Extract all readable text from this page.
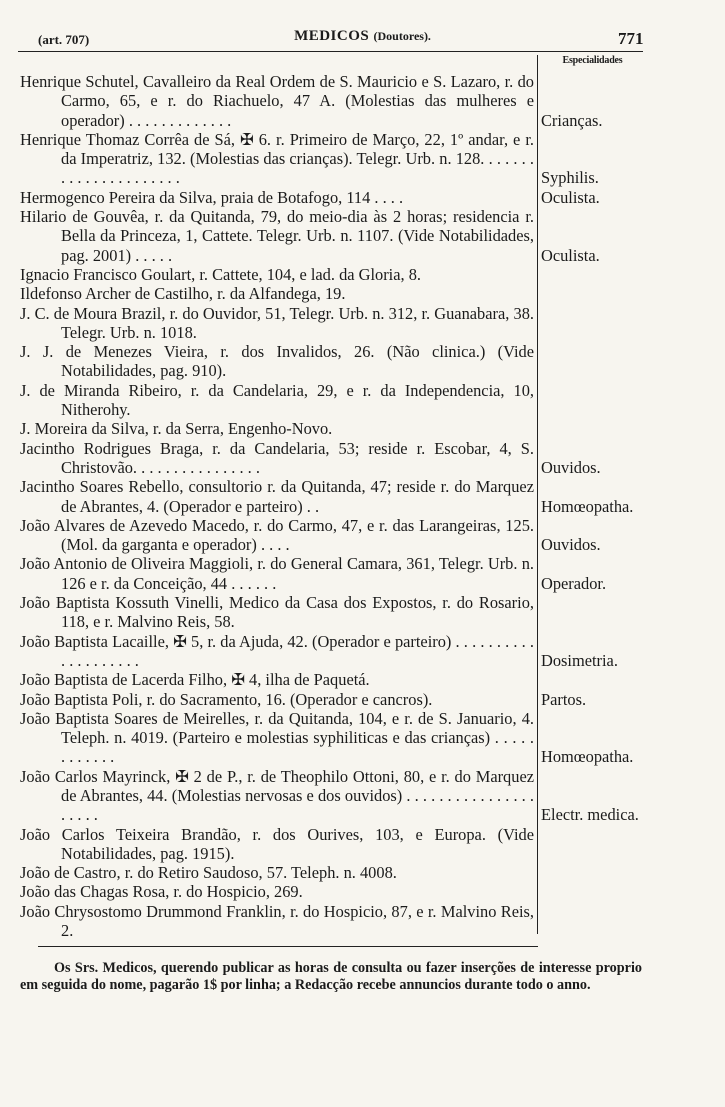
(art. 707)	MEDICOS (Doutores).	771
Especialidades
Henrique Schutel, Cavalleiro da Real Ordem de S. Mauricio e S. Lazaro, r. do Carmo, 65, e r. do Riachuelo, 47 A. (Molestias das mulheres e operador) . . . . . . . . . . . . .	Crianças.
Henrique Thomaz Corrêa de Sá, ✠ 6. r. Primeiro de Março, 22, 1º andar, e r. da Imperatriz, 132. (Molestias das crianças). Telegr. Urb. n. 128. . . . . . . . . . . . . . . . . . . . . .	Syphilis.
Hermogenco Pereira da Silva, praia de Botafogo, 114 . . . .	Oculista.
Hilario de Gouvêa, r. da Quitanda, 79, do meio-dia às 2 horas; residencia r. Bella da Princeza, 1, Cattete. Telegr. Urb. n. 1107. (Vide Notabilidades, pag. 2001) . . . . .	Oculista.
Ignacio Francisco Goulart, r. Cattete, 104, e lad. da Gloria, 8.
Ildefonso Archer de Castilho, r. da Alfandega, 19.
J. C. de Moura Brazil, r. do Ouvidor, 51, Telegr. Urb. n. 312, r. Guanabara, 38. Telegr. Urb. n. 1018.
J. J. de Menezes Vieira, r. dos Invalidos, 26. (Não clinica.) (Vide Notabilidades, pag. 910).
J. de Miranda Ribeiro, r. da Candelaria, 29, e r. da Independencia, 10, Nitherohy.
J. Moreira da Silva, r. da Serra, Engenho-Novo.
Jacintho Rodrigues Braga, r. da Candelaria, 53; reside r. Escobar, 4, S. Christovão. . . . . . . . . . . . . . . .	Ouvidos.
Jacintho Soares Rebello, consultorio r. da Quitanda, 47; reside r. do Marquez de Abrantes, 4. (Operador e parteiro) . .	Homœopatha.
João Alvares de Azevedo Macedo, r. do Carmo, 47, e r. das Larangeiras, 125. (Mol. da garganta e operador) . . . .	Ouvidos.
João Antonio de Oliveira Maggioli, r. do General Camara, 361, Telegr. Urb. n. 126 e r. da Conceição, 44 . . . . . .	Operador.
João Baptista Kossuth Vinelli, Medico da Casa dos Expostos, r. do Rosario, 118, e r. Malvino Reis, 58.
João Baptista Lacaille, ✠ 5, r. da Ajuda, 42. (Operador e parteiro) . . . . . . . . . . . . . . . . . . . .	Dosimetria.
João Baptista de Lacerda Filho, ✠ 4, ilha de Paquetá.
João Baptista Poli, r. do Sacramento, 16. (Operador e cancros).	Partos.
João Baptista Soares de Meirelles, r. da Quitanda, 104, e r. de S. Januario, 4. Teleph. n. 4019. (Parteiro e molestias syphiliticas e das crianças) . . . . . . . . . . . .	Homœopatha.
João Carlos Mayrinck, ✠ 2 de P., r. de Theophilo Ottoni, 80, e r. do Marquez de Abrantes, 44. (Molestias nervosas e dos ouvidos) . . . . . . . . . . . . . . . . . . . . .	Electr. medica.
João Carlos Teixeira Brandão, r. dos Ourives, 103, e Europa. (Vide Notabilidades, pag. 1915).
João de Castro, r. do Retiro Saudoso, 57. Teleph. n. 4008.
João das Chagas Rosa, r. do Hospicio, 269.
João Chrysostomo Drummond Franklin, r. do Hospicio, 87, e r. Malvino Reis, 2.
Os Srs. Medicos, querendo publicar as horas de consulta ou fazer inserções de interesse proprio em seguida do nome, pagarão 1$ por linha; a Redacção recebe annuncios durante todo o anno.
